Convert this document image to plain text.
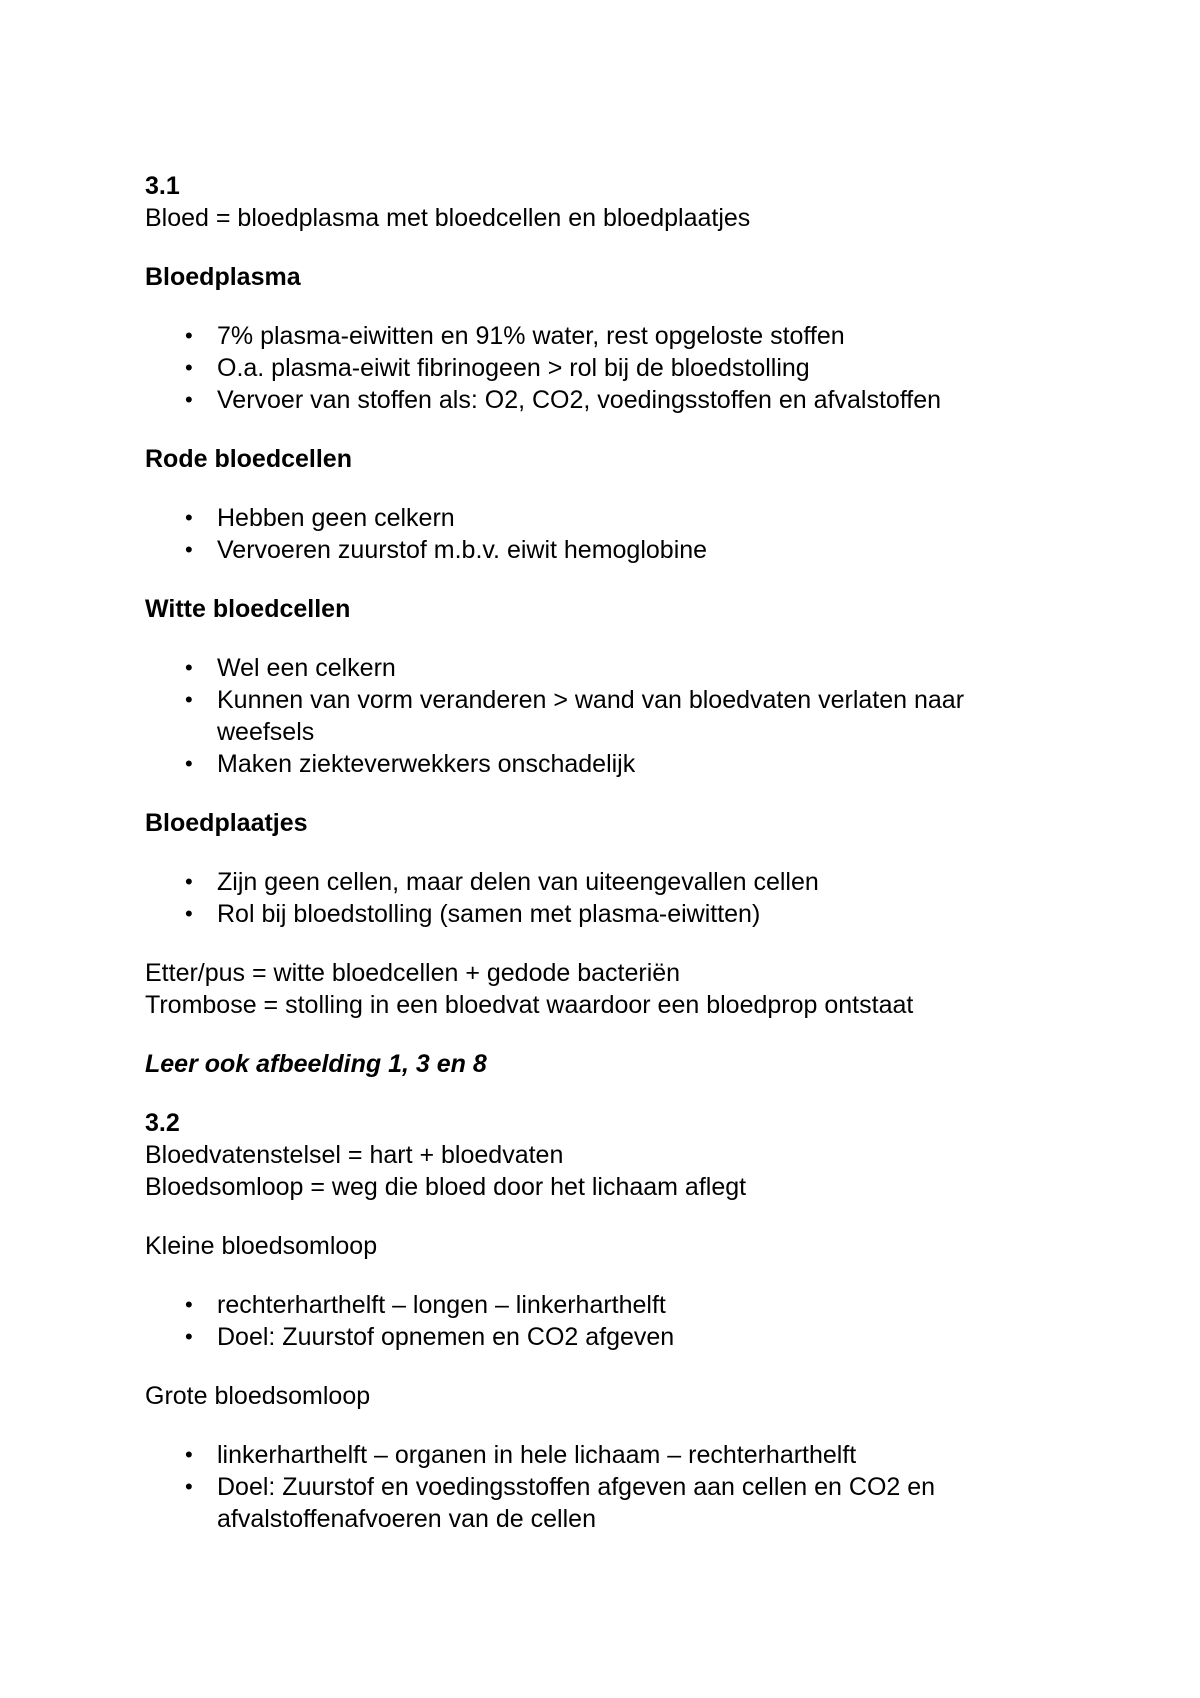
3.1

Bloed = bloedplasma met bloedcellen en bloedplaatjes

Bloedplasma

• 7% plasma-eiwitten en 91% water, rest opgeloste stoffen
• O.a. plasma-eiwit fibrinogeen > rol bij de bloedstolling
• Vervoer van stoffen als: O2, CO2, voedingsstoffen en afvalstoffen

Rode bloedcellen

• Hebben geen celkern
• Vervoeren zuurstof m.b.v. eiwit hemoglobine

Witte bloedcellen

• Wel een celkern
• Kunnen van vorm veranderen > wand van bloedvaten verlaten naar weefsels
• Maken ziekteverwekkers onschadelijk

Bloedplaatjes

• Zijn geen cellen, maar delen van uiteengevallen cellen
• Rol bij bloedstolling (samen met plasma-eiwitten)

Etter/pus = witte bloedcellen + gedode bacteriën

Trombose = stolling in een bloedvat waardoor een bloedprop ontstaat

Leer ook afbeelding 1, 3 en 8

3.2

Bloedvatenstelsel = hart + bloedvaten

Bloedsomloop = weg die bloed door het lichaam aflegt

Kleine bloedsomloop

• rechterharthelft – longen – linkerharthelft
• Doel: Zuurstof opnemen en CO2 afgeven

Grote bloedsomloop

• linkerharthelft – organen in hele lichaam – rechterharthelft
• Doel: Zuurstof en voedingsstoffen afgeven aan cellen en CO2 en afvalstoffenafvoeren van de cellen
